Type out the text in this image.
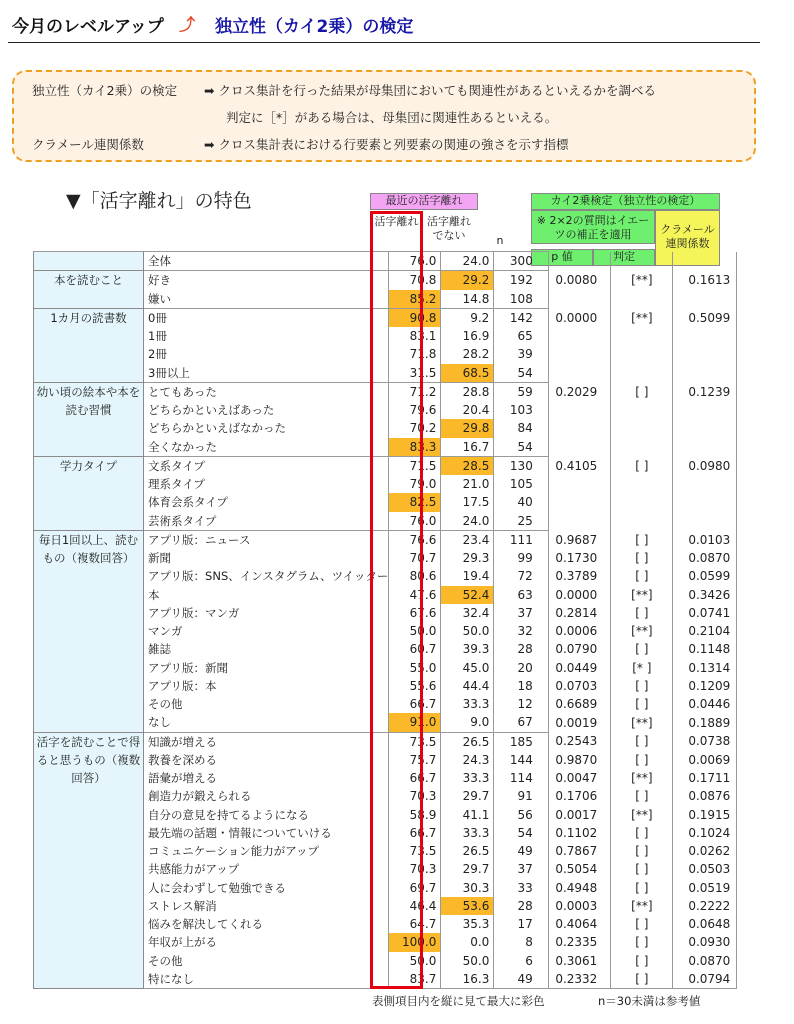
今月のレベルアップ ⤴ 独立性（カイ2乗）の検定
独立性（カイ2乗）の検定 ➡ クロス集計を行った結果が母集団においても関連性があるといえるかを調べる
判定に［*］がある場合は、母集団に関連性あるといえる。
クラメール連関係数	➡ クロス集計表における行要素と列要素の関連の強さを示す指標
▼「活字離れ」の特色	最近の活字離れ
活字離れでない
活字離れ
n
カイ2乗検定（独立性の検定）
※ 2×2の質問はイエーツの補正を適用
p 値	判定
クラメール連関係数
	全体	76.0	24.0	300				
本を読むこと	好き	70.8	29.2	192		0.0080	[**]	0.1613
	嫌い	85.2	14.8	108				
1カ月の読書数	0冊	90.8	9.2	142		0.0000	[**]	0.5099
	1冊	83.1	16.9	65				
	2冊	71.8	28.2	39				
	3冊以上	31.5	68.5	54				
幼い頃の絵本や本を読む習慣	とてもあった	71.2	28.8	59		0.2029	[ ]	0.1239
	どちらかといえばあった	79.6	20.4	103				
	どちらかといえばなかった	70.2	29.8	84				
	全くなかった	83.3	16.7	54				
学力タイプ	文系タイプ	71.5	28.5	130		0.4105	[ ]	0.0980
	理系タイプ	79.0	21.0	105				
	体育会系タイプ	82.5	17.5	40				
	芸術系タイプ	76.0	24.0	25				
毎日1回以上、読むもの（複数回答）	アプリ版：ニュース	76.6	23.4	111		0.9687	[ ]	0.0103
	新聞	70.7	29.3	99		0.1730	[ ]	0.0870
	アプリ版：SNS、インスタグラム、ツイッター	80.6	19.4	72		0.3789	[ ]	0.0599
	本	47.6	52.4	63		0.0000	[**]	0.3426
	アプリ版：マンガ	67.6	32.4	37		0.2814	[ ]	0.0741
	マンガ	50.0	50.0	32		0.0006	[**]	0.2104
	雑誌	60.7	39.3	28		0.0790	[ ]	0.1148
	アプリ版：新聞	55.0	45.0	20		0.0449	[* ]	0.1314
	アプリ版：本	55.6	44.4	18		0.0703	[ ]	0.1209
	その他	66.7	33.3	12		0.6689	[ ]	0.0446
	なし	91.0	9.0	67		0.0019	[**]	0.1889
活字を読むことで得ると思うもの（複数回答）	知識が増える	73.5	26.5	185		0.2543	[ ]	0.0738
	教養を深める	75.7	24.3	144		0.9870	[ ]	0.0069
	語彙が増える	66.7	33.3	114		0.0047	[**]	0.1711
	創造力が鍛えられる	70.3	29.7	91		0.1706	[ ]	0.0876
	自分の意見を持てるようになる	58.9	41.1	56		0.0017	[**]	0.1915
	最先端の話題・情報についていける	66.7	33.3	54		0.1102	[ ]	0.1024
	コミュニケーション能力がアップ	73.5	26.5	49		0.7867	[ ]	0.0262
	共感能力がアップ	70.3	29.7	37		0.5054	[ ]	0.0503
	人に会わずして勉強できる	69.7	30.3	33		0.4948	[ ]	0.0519
	ストレス解消	46.4	53.6	28		0.0003	[**]	0.2222
	悩みを解決してくれる	64.7	35.3	17		0.4064	[ ]	0.0648
	年収が上がる	100.0	0.0	8		0.2335	[ ]	0.0930
	その他	50.0	50.0	6		0.3061	[ ]	0.0870
	特になし	83.7	16.3	49		0.2332	[ ]	0.0794
表側項目内を縦に見て最大に彩色	n＝30未満は参考値
